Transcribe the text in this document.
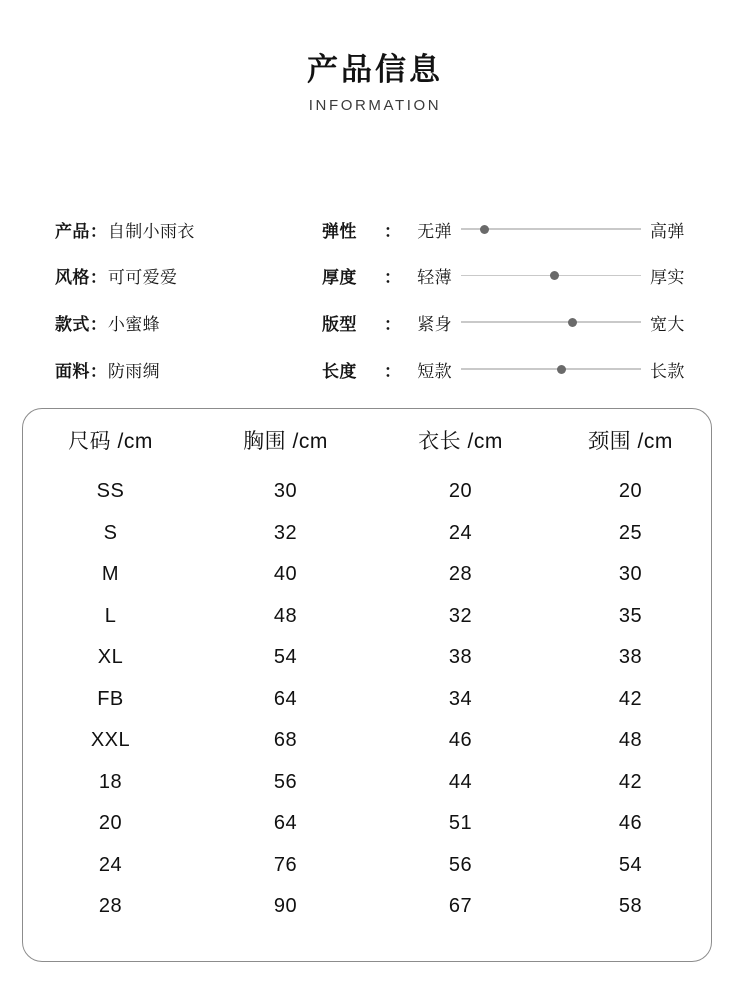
产品信息
INFORMATION
产品 ： 自制小雨衣
风格 ： 可可爱爱
款式 ： 小蜜蜂
面料 ： 防雨绸
弹性	： 无弹	高弹
厚度	： 轻薄	厚实
版型	： 紧身	宽大
长度	： 短款	长款
尺码 /cm	胸围 /cm	衣长 /cm	颈围 /cm
SS	30	20	20
S	32	24	25
M	40	28	30
L	48	32	35
XL	54	38	38
FB	64	34	42
XXL	68	46	48
18	56	44	42
20	64	51	46
24	76	56	54
28	90	67	58
